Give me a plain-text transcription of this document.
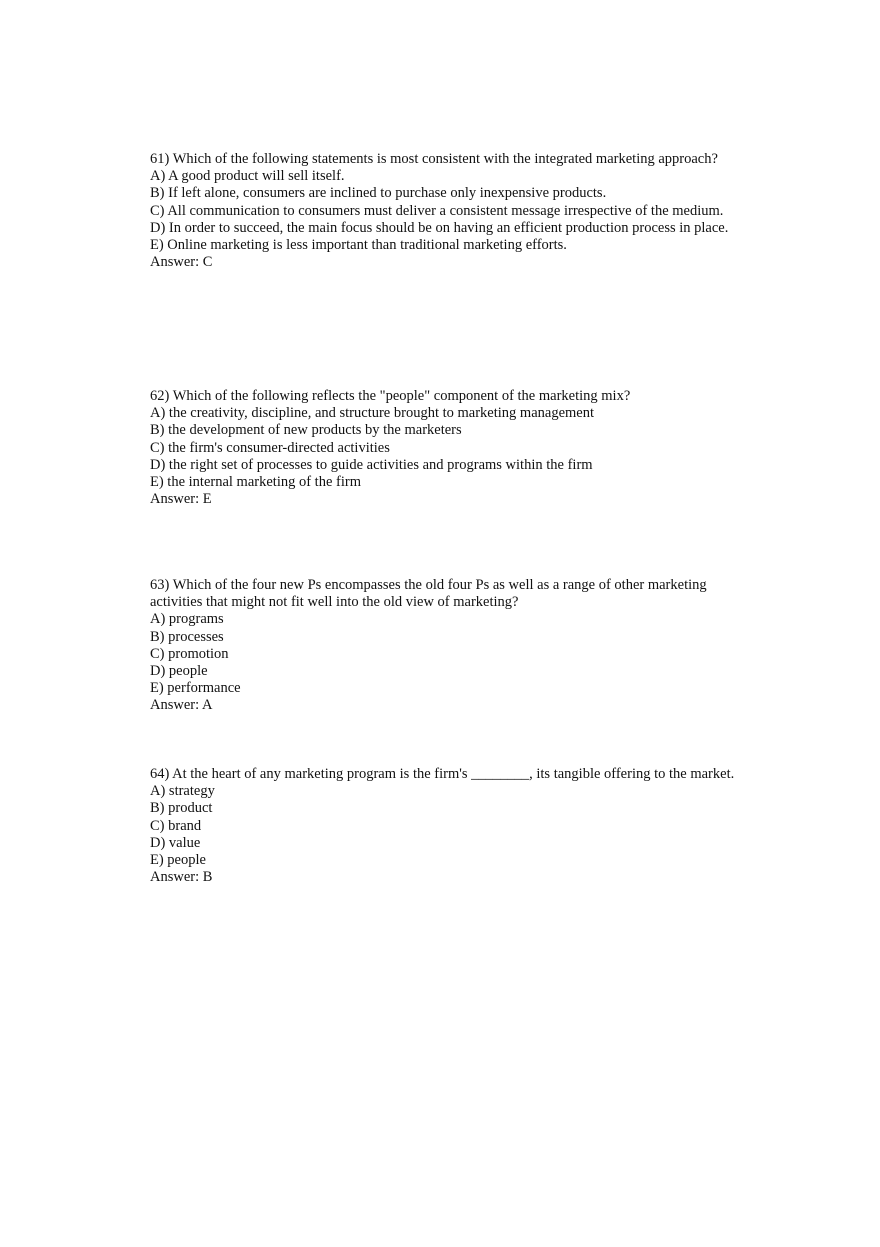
61) Which of the following statements is most consistent with the integrated marketing approach?
A) A good product will sell itself.
B) If left alone, consumers are inclined to purchase only inexpensive products.
C) All communication to consumers must deliver a consistent message irrespective of the medium.
D) In order to succeed, the main focus should be on having an efficient production process in place.
E) Online marketing is less important than traditional marketing efforts.
Answer: C
62) Which of the following reflects the "people" component of the marketing mix?
A) the creativity, discipline, and structure brought to marketing management
B) the development of new products by the marketers
C) the firm's consumer-directed activities
D) the right set of processes to guide activities and programs within the firm
E) the internal marketing of the firm
Answer: E
63) Which of the four new Ps encompasses the old four Ps as well as a range of other marketing activities that might not fit well into the old view of marketing?
A) programs
B) processes
C) promotion
D) people
E) performance
Answer: A
64) At the heart of any marketing program is the firm's ________, its tangible offering to the market.
A) strategy
B) product
C) brand
D) value
E) people
Answer: B
